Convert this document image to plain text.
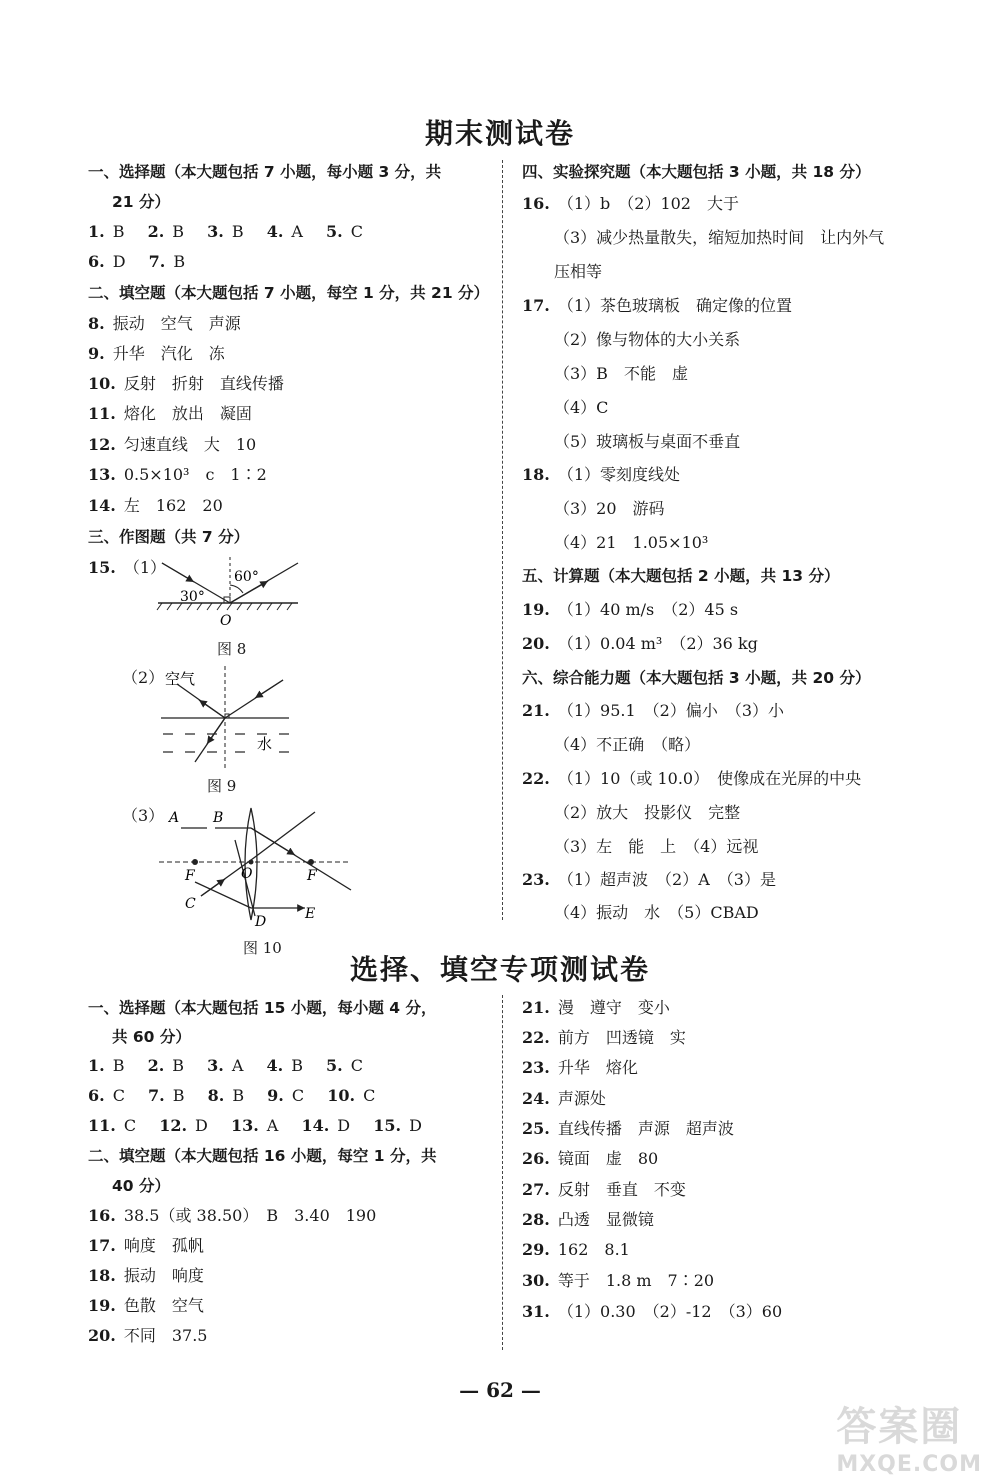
期末测试卷
一、选择题（本大题包括 7 小题，每小题 3 分，共
21 分）
1. B 2. B 3. B 4. A 5. C
6. D 7. B
二、填空题（本大题包括 7 小题，每空 1 分，共 21 分）
8. 振动　空气　声源
9. 升华　汽化　冻
10. 反射　折射　直线传播
11. 熔化　放出　凝固
12. 匀速直线　大　10
13. 0.5×10³　c　1∶2
14. 左　162　20
三、作图题（共 7 分）
15. （1）	60°
30°
O
图 8
（2） 空气
水
图 9
（3） A B
F	O	F
C
D	E
图 10
四、实验探究题（本大题包括 3 小题，共 18 分）
16. （1）b　（2）102　大于
（3）减少热量散失，缩短加热时间　让内外气
压相等
17. （1）茶色玻璃板　确定像的位置
（2）像与物体的大小关系
（3）B　不能　虚
（4）C
（5）玻璃板与桌面不垂直
18. （1）零刻度线处
（3）20　游码
（4）21　1.05×10³
五、计算题（本大题包括 2 小题，共 13 分）
19. （1）40 m/s　（2）45 s
20. （1）0.04 m³　（2）36 kg
六、综合能力题（本大题包括 3 小题，共 20 分）
21. （1）95.1　（2）偏小　（3）小
（4）不正确　（略）
22. （1）10（或 10.0）　使像成在光屏的中央
（2）放大　投影仪　完整
（3）左　能　上　（4）远视
23. （1）超声波　（2）A　（3）是
（4）振动　水　（5）CBAD
选择、填空专项测试卷
一、选择题（本大题包括 15 小题，每小题 4 分，
共 60 分）
1. B 2. B 3. A 4. B 5. C
6. C 7. B 8. B 9. C 10. C
11. C 12. D 13. A 14. D 15. D
二、填空题（本大题包括 16 小题，每空 1 分，共
40 分）
16. 38.5（或 38.50）　B　3.40　190
17. 响度　孤帆
18. 振动　响度
19. 色散　空气
20. 不同　37.5
21. 漫　遵守　变小
22. 前方　凹透镜　实
23. 升华　熔化
24. 声源处
25. 直线传播　声源　超声波
26. 镜面　虚　80
27. 反射　垂直　不变
28. 凸透　显微镜
29. 162　8.1
30. 等于　1.8 m　7∶20
31. （1）0.30　（2）-12　（3）60
— 62 —
答案圈
MXQE.COM
